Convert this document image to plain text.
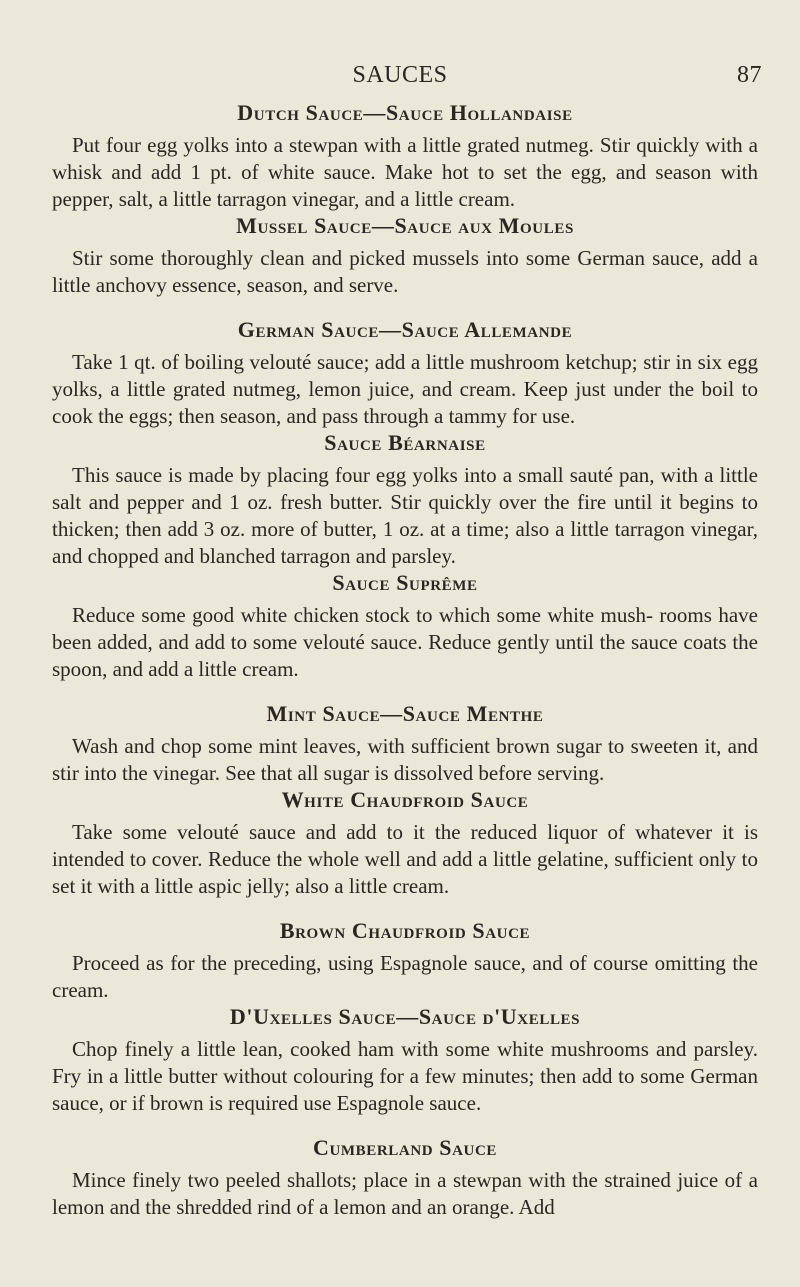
SAUCES	87
Dutch Sauce—Sauce Hollandaise

Put four egg yolks into a stewpan with a little grated nutmeg. Stir quickly with a whisk and add 1 pt. of white sauce. Make hot to set the egg, and season with pepper, salt, a little tarragon vinegar, and a little cream.

Mussel Sauce—Sauce aux Moules

Stir some thoroughly clean and picked mussels into some German sauce, add a little anchovy essence, season, and serve.

German Sauce—Sauce Allemande

Take 1 qt. of boiling velouté sauce; add a little mushroom ketchup; stir in six egg yolks, a little grated nutmeg, lemon juice, and cream. Keep just under the boil to cook the eggs; then season, and pass through a tammy for use.

Sauce Béarnaise

This sauce is made by placing four egg yolks into a small sauté pan, with a little salt and pepper and 1 oz. fresh butter. Stir quickly over the fire until it begins to thicken; then add 3 oz. more of butter, 1 oz. at a time; also a little tarragon vinegar, and chopped and blanched tarragon and parsley.

Sauce Suprême

Reduce some good white chicken stock to which some white mush- rooms have been added, and add to some velouté sauce. Reduce gently until the sauce coats the spoon, and add a little cream.

Mint Sauce—Sauce Menthe

Wash and chop some mint leaves, with sufficient brown sugar to sweeten it, and stir into the vinegar. See that all sugar is dissolved before serving.

White Chaudfroid Sauce

Take some velouté sauce and add to it the reduced liquor of whatever it is intended to cover. Reduce the whole well and add a little gelatine, sufficient only to set it with a little aspic jelly; also a little cream.

Brown Chaudfroid Sauce

Proceed as for the preceding, using Espagnole sauce, and of course omitting the cream.

D'Uxelles Sauce—Sauce d'Uxelles

Chop finely a little lean, cooked ham with some white mushrooms and parsley. Fry in a little butter without colouring for a few minutes; then add to some German sauce, or if brown is required use Espagnole sauce.

Cumberland Sauce

Mince finely two peeled shallots; place in a stewpan with the strained juice of a lemon and the shredded rind of a lemon and an orange. Add
